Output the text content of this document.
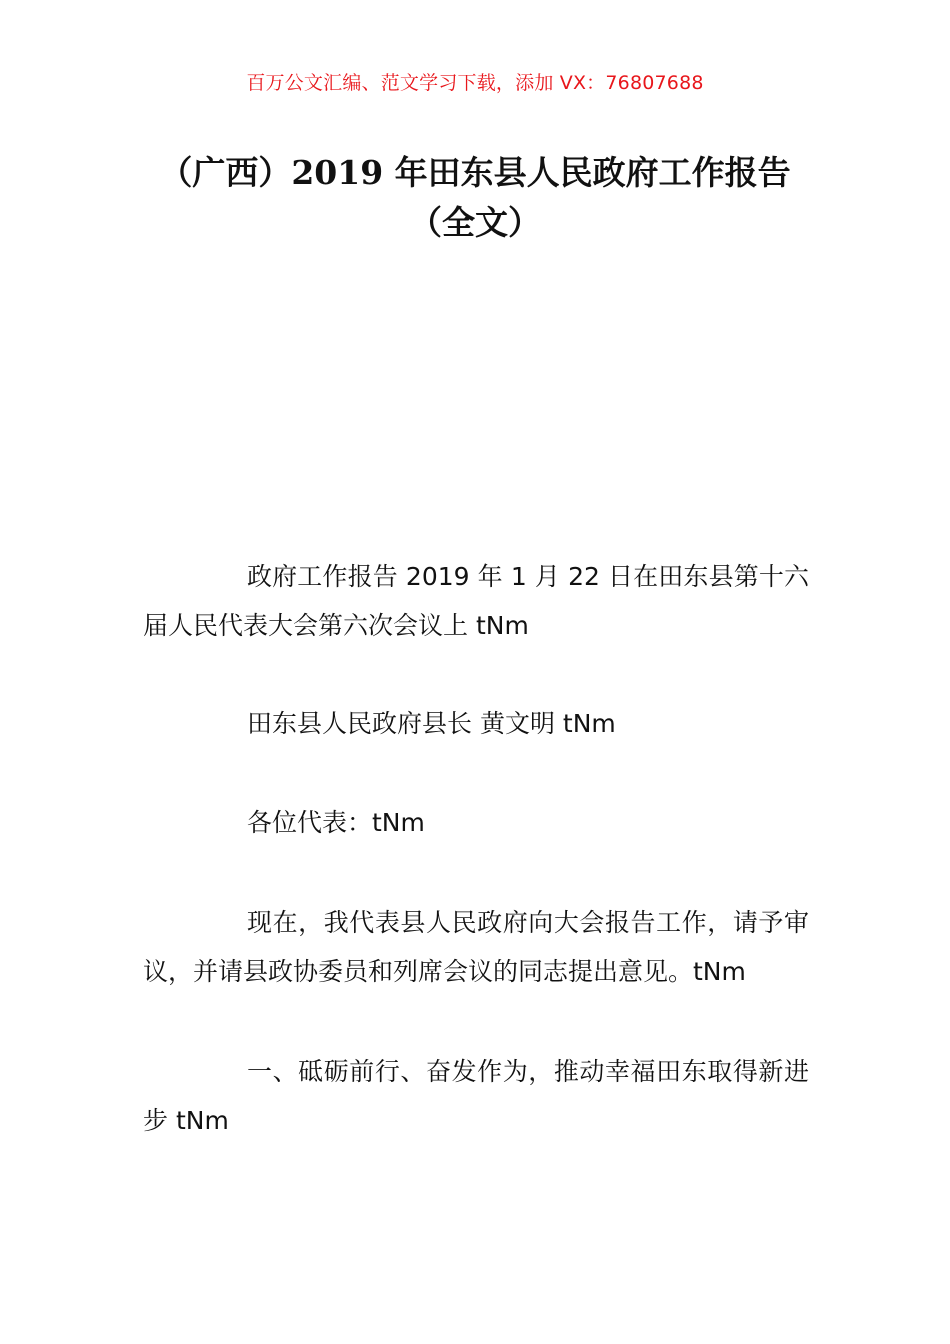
百万公文汇编、范文学习下载，添加 VX：76807688
（广西）2019 年田东县人民政府工作报告
（全文）

政府工作报告 2019 年 1 月 22 日在田东县第十六届人民代表大会第六次会议上 tNm

田东县人民政府县长 黄文明 tNm

各位代表：tNm

现在，我代表县人民政府向大会报告工作，请予审议，并请县政协委员和列席会议的同志提出意见。tNm

一、砥砺前行、奋发作为，推动幸福田东取得新进步 tNm
